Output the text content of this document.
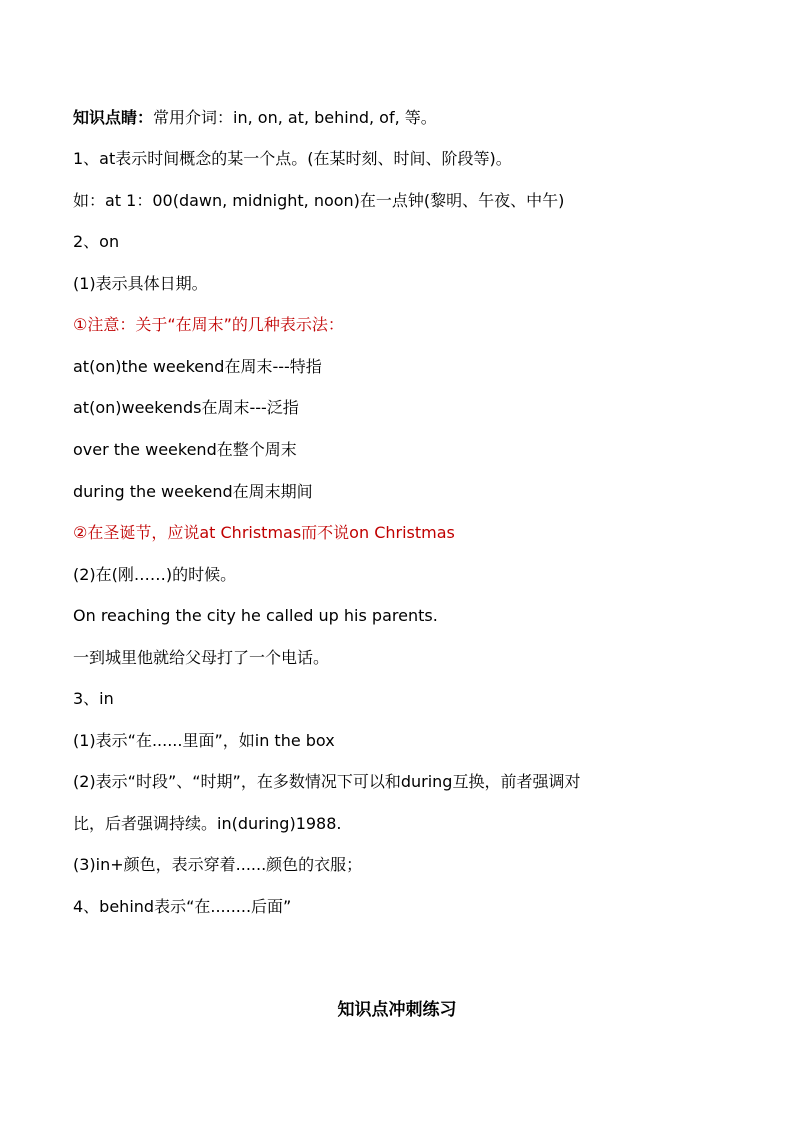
知识点睛：常用介词：in, on, at, behind, of, 等。
1、at表示时间概念的某一个点。(在某时刻、时间、阶段等)。
如：at 1：00(dawn, midnight, noon)在一点钟(黎明、午夜、中午)
2、on
(1)表示具体日期。
①注意：关于“在周末”的几种表示法：
at(on)the weekend在周末---特指
at(on)weekends在周末---泛指
over the weekend在整个周末
during the weekend在周末期间
②在圣诞节，应说at Christmas而不说on Christmas
(2)在(刚……)的时候。
On reaching the city he called up his parents.
一到城里他就给父母打了一个电话。
3、in
(1)表示“在......里面”，如in the box
(2)表示“时段”、“时期”，在多数情况下可以和during互换，前者强调对
比，后者强调持续。in(during)1988.
(3)in+颜色，表示穿着......颜色的衣服；
4、behind表示“在........后面”
知识点冲刺练习
